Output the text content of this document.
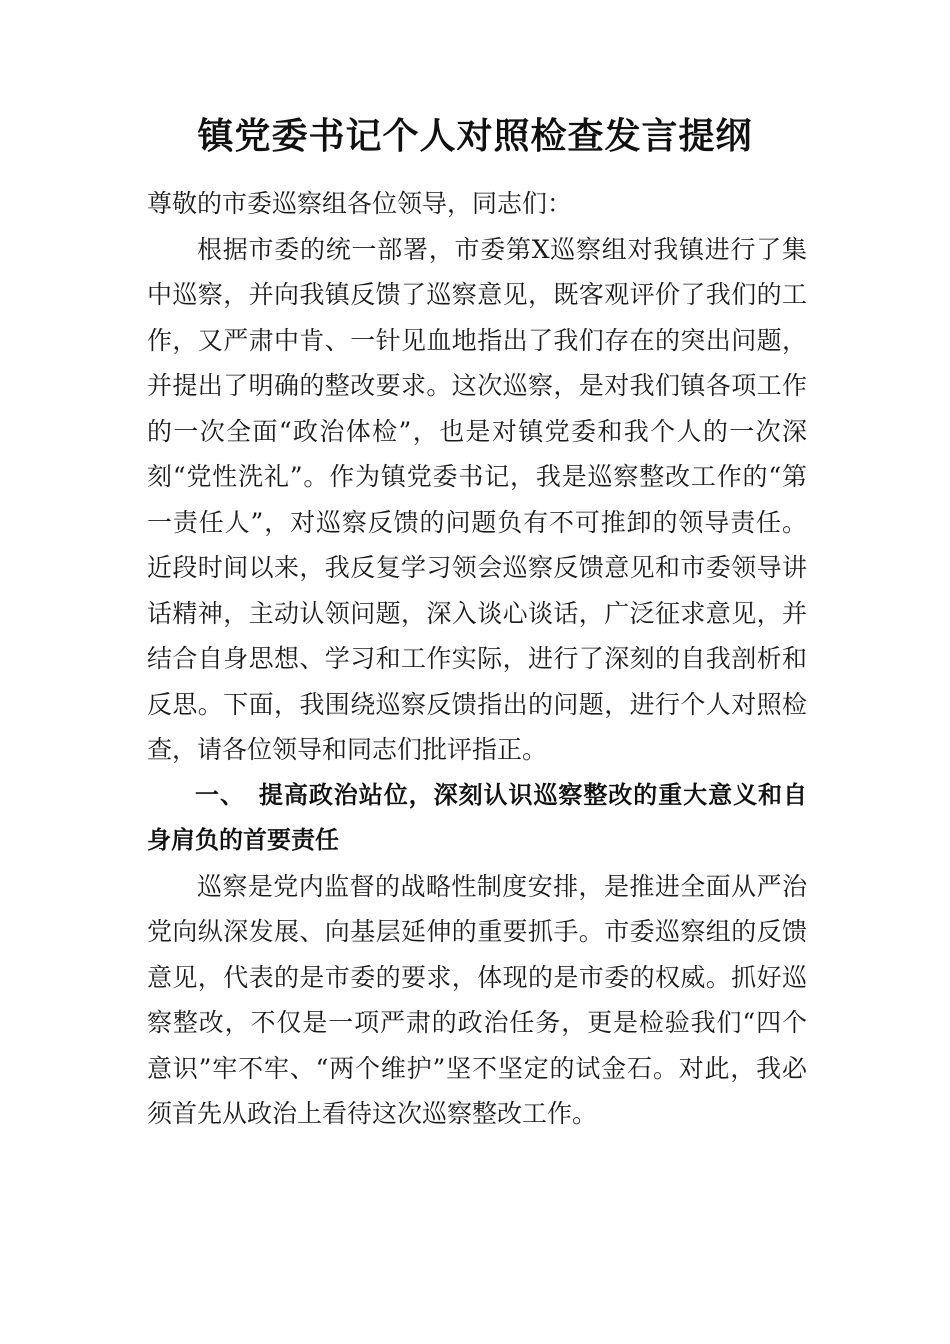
镇党委书记个人对照检查发言提纲

尊敬的市委巡察组各位领导，同志们：

根据市委的统一部署，市委第X巡察组对我镇进行了集中巡察，并向我镇反馈了巡察意见，既客观评价了我们的工作，又严肃中肯、一针见血地指出了我们存在的突出问题，并提出了明确的整改要求。这次巡察，是对我们镇各项工作的一次全面“政治体检”，也是对镇党委和我个人的一次深刻“党性洗礼”。作为镇党委书记，我是巡察整改工作的“第一责任人”，对巡察反馈的问题负有不可推卸的领导责任。近段时间以来，我反复学习领会巡察反馈意见和市委领导讲话精神，主动认领问题，深入谈心谈话，广泛征求意见，并结合自身思想、学习和工作实际，进行了深刻的自我剖析和反思。下面，我围绕巡察反馈指出的问题，进行个人对照检查，请各位领导和同志们批评指正。

一、 提高政治站位，深刻认识巡察整改的重大意义和自身肩负的首要责任

巡察是党内监督的战略性制度安排，是推进全面从严治党向纵深发展、向基层延伸的重要抓手。市委巡察组的反馈意见，代表的是市委的要求，体现的是市委的权威。抓好巡察整改，不仅是一项严肃的政治任务，更是检验我们“四个意识”牢不牢、“两个维护”坚不坚定的试金石。对此，我必须首先从政治上看待这次巡察整改工作。
